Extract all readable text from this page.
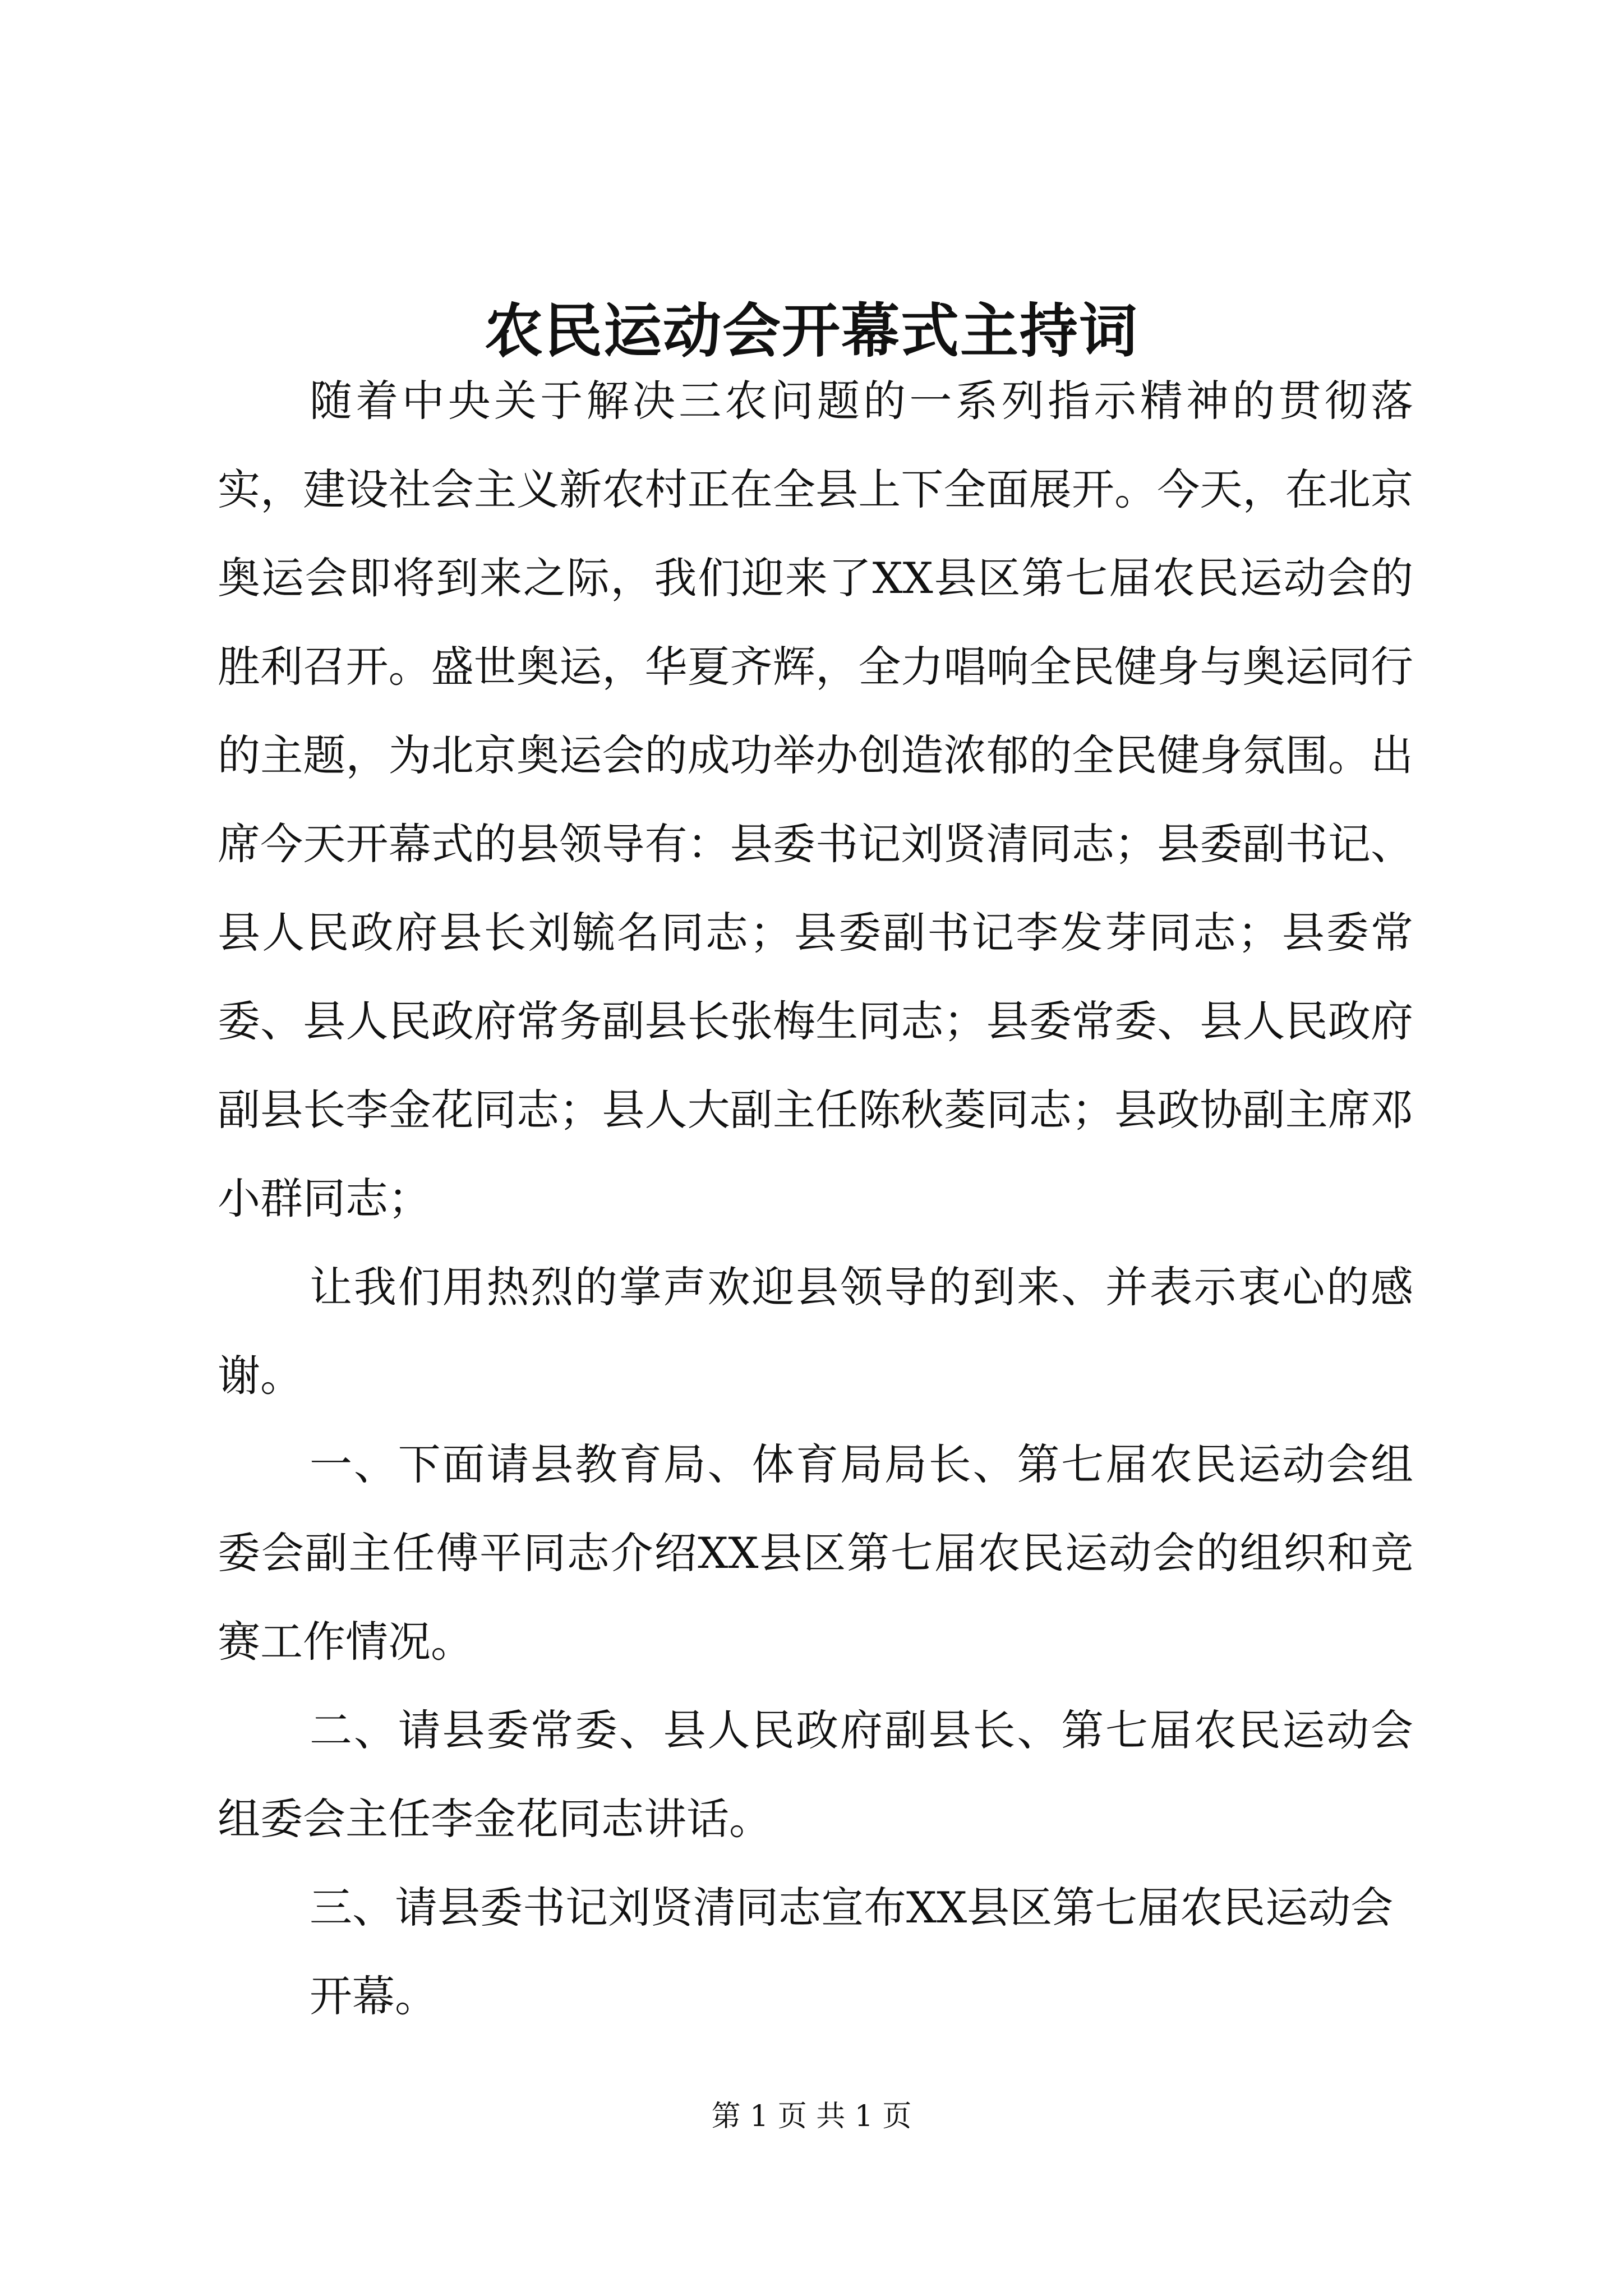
农民运动会开幕式主持词

随着中央关于解决三农问题的一系列指示精神的贯彻落实，建设社会主义新农村正在全县上下全面展开。今天，在北京奥运会即将到来之际，我们迎来了XX县区第七届农民运动会的胜利召开。盛世奥运，华夏齐辉，全力唱响全民健身与奥运同行的主题，为北京奥运会的成功举办创造浓郁的全民健身氛围。出席今天开幕式的县领导有：县委书记刘贤清同志；县委副书记、县人民政府县长刘毓名同志；县委副书记李发芽同志；县委常委、县人民政府常务副县长张梅生同志；县委常委、县人民政府副县长李金花同志；县人大副主任陈秋菱同志；县政协副主席邓小群同志；

让我们用热烈的掌声欢迎县领导的到来、并表示衷心的感谢。

一、下面请县教育局、体育局局长、第七届农民运动会组委会副主任傅平同志介绍XX县区第七届农民运动会的组织和竞赛工作情况。

二、请县委常委、县人民政府副县长、第七届农民运动会组委会主任李金花同志讲话。

三、请县委书记刘贤清同志宣布XX县区第七届农民运动会

开幕。

第 1 页 共 1 页
